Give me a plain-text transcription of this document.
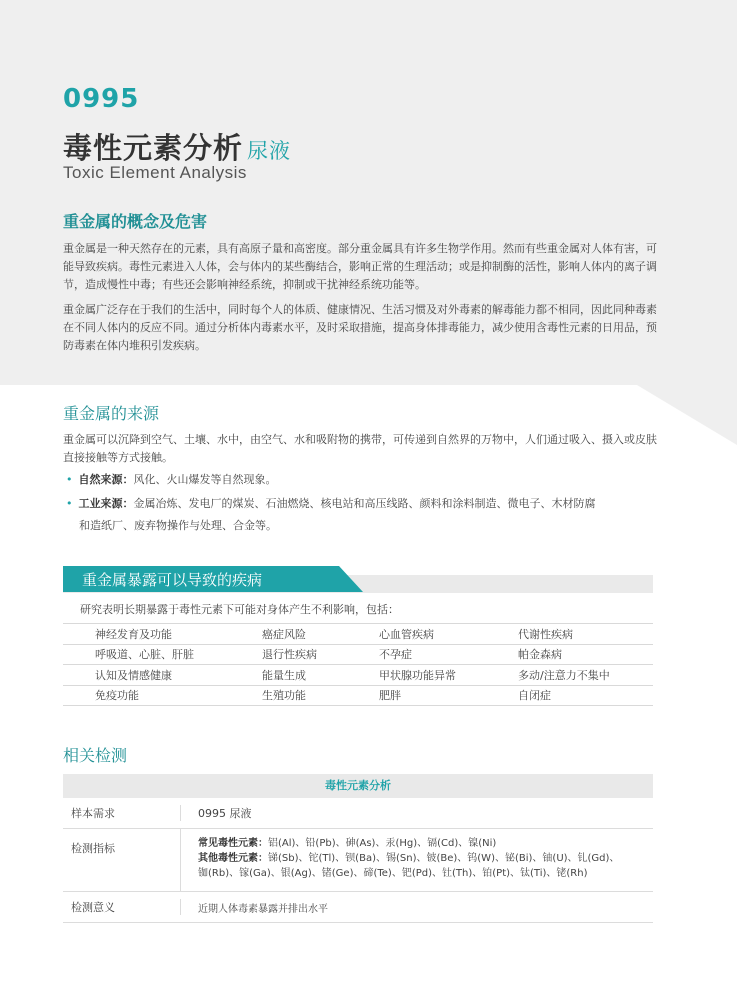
0995
毒性元素分析 尿液
Toxic Element Analysis
重金属的概念及危害

重金属是一种天然存在的元素，具有高原子量和高密度。部分重金属具有许多生物学作用。然而有些重金属对人体有害，可能导致疾病。毒性元素进入人体，会与体内的某些酶结合，影响正常的生理活动；或是抑制酶的活性，影响人体内的离子调节，造成慢性中毒；有些还会影响神经系统，抑制或干扰神经系统功能等。

重金属广泛存在于我们的生活中，同时每个人的体质、健康情况、生活习惯及对外毒素的解毒能力都不相同，因此同种毒素在不同人体内的反应不同。通过分析体内毒素水平，及时采取措施，提高身体排毒能力，减少使用含毒性元素的日用品，预防毒素在体内堆积引发疾病。

重金属的来源

重金属可以沉降到空气、土壤、水中，由空气、水和吸附物的携带，可传递到自然界的万物中，人们通过吸入、摄入或皮肤直接接触等方式接触。

• 自然来源：风化、火山爆发等自然现象。
• 工业来源：金属冶炼、发电厂的煤炭、石油燃烧、核电站和高压线路、颜料和涂料制造、微电子、木材防腐
和造纸厂、废弃物操作与处理、合金等。
重金属暴露可以导致的疾病
研究表明长期暴露于毒性元素下可能对身体产生不利影响，包括：
神经发育及功能	癌症风险	心血管疾病	代谢性疾病
呼吸道、心脏、肝脏	退行性疾病	不孕症	帕金森病
认知及情感健康	能量生成	甲状腺功能异常	多动/注意力不集中
免疫功能	生殖功能	肥胖	自闭症
相关检测
毒性元素分析
样本需求	0995 尿液
检测指标	常见毒性元素：铝(Al)、铅(Pb)、砷(As)、汞(Hg)、镉(Cd)、镍(Ni)
其他毒性元素：锑(Sb)、铊(Tl)、钡(Ba)、锡(Sn)、铍(Be)、钨(W)、铋(Bi)、铀(U)、钆(Gd)、
铷(Rb)、镓(Ga)、银(Ag)、锗(Ge)、碲(Te)、钯(Pd)、钍(Th)、铂(Pt)、钛(Ti)、铑(Rh)
检测意义	近期人体毒素暴露并排出水平
